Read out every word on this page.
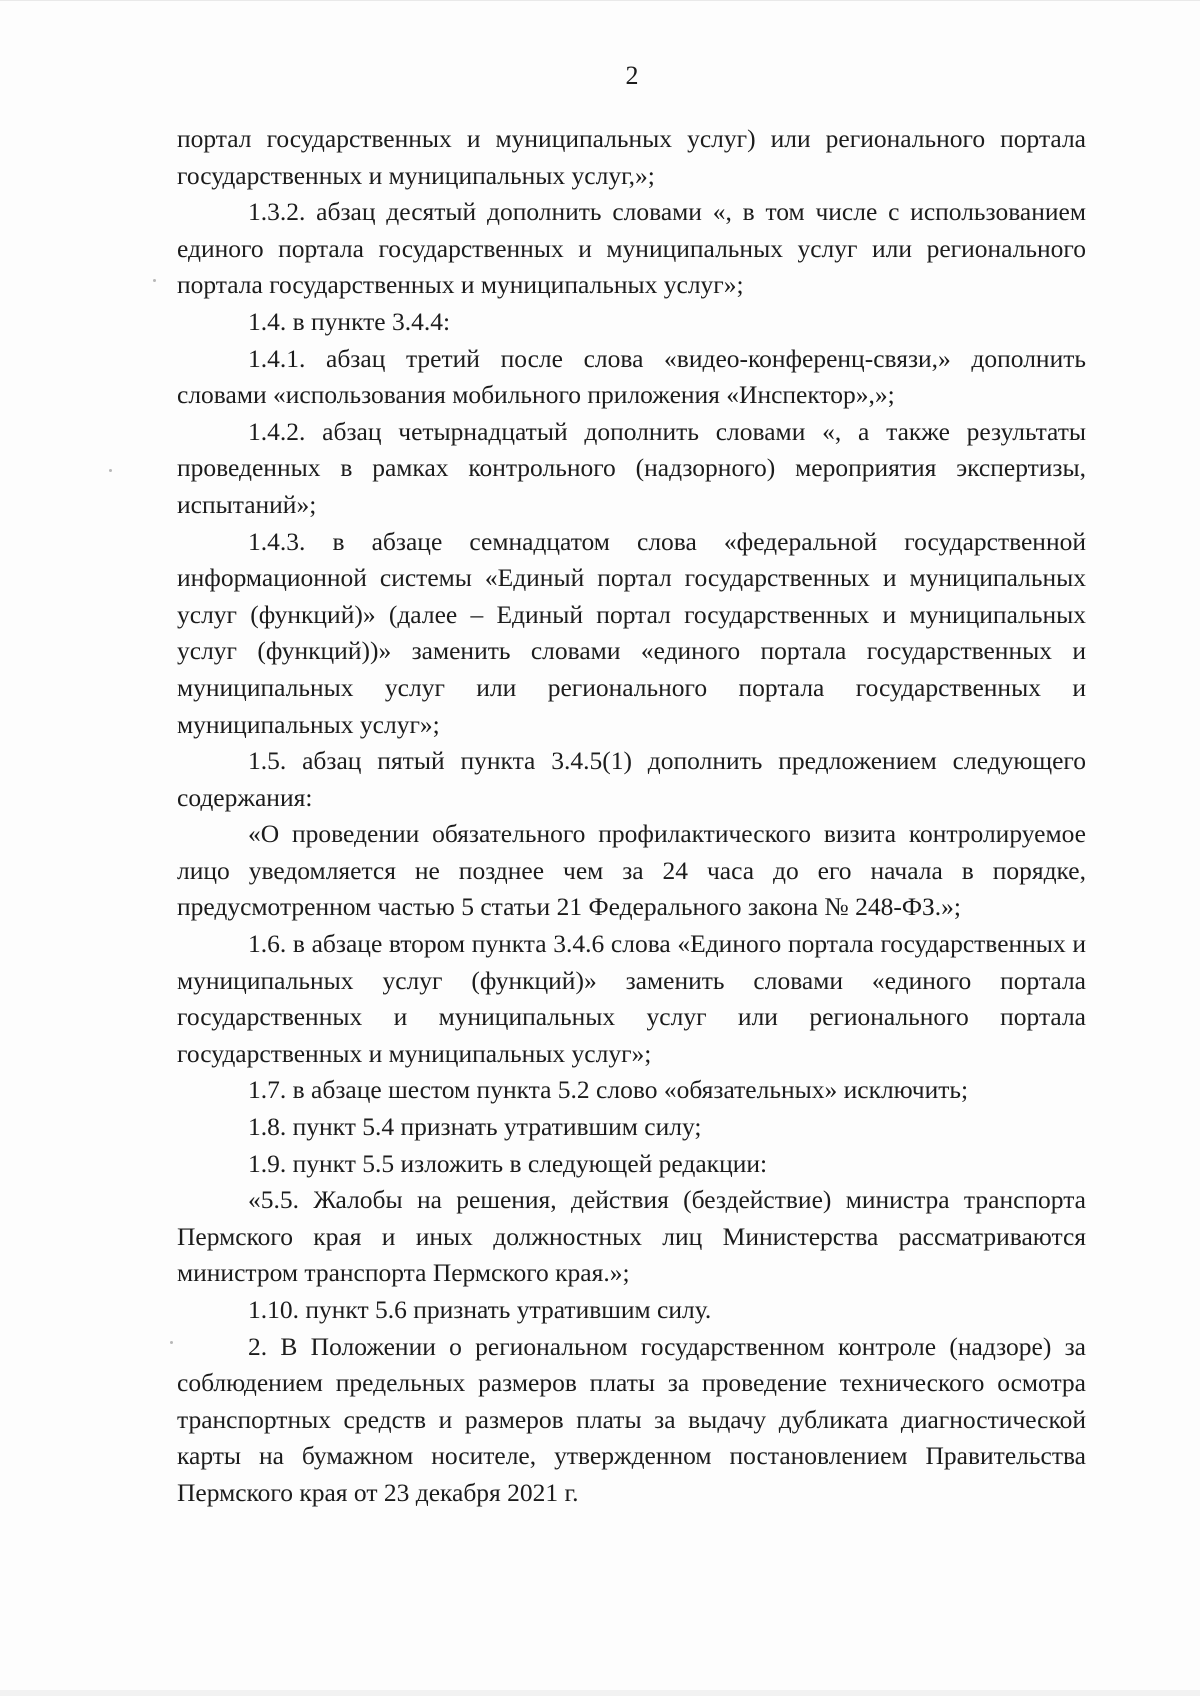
2

портал государственных и муниципальных услуг) или регионального портала государственных и муниципальных услуг,»;

1.3.2. абзац десятый дополнить словами «, в том числе с использованием единого портала государственных и муниципальных услуг или регионального портала государственных и муниципальных услуг»;

1.4. в пункте 3.4.4:

1.4.1. абзац третий после слова «видео-конференц-связи,» дополнить словами «использования мобильного приложения «Инспектор»,»;

1.4.2. абзац четырнадцатый дополнить словами «, а также результаты проведенных в рамках контрольного (надзорного) мероприятия экспертизы, испытаний»;

1.4.3. в абзаце семнадцатом слова «федеральной государственной информационной системы «Единый портал государственных и муниципальных услуг (функций)» (далее – Единый портал государственных и муниципальных услуг (функций))» заменить словами «единого портала государственных и муниципальных услуг или регионального портала государственных и муниципальных услуг»;

1.5. абзац пятый пункта 3.4.5(1) дополнить предложением следующего содержания:

«О проведении обязательного профилактического визита контролируемое лицо уведомляется не позднее чем за 24 часа до его начала в порядке, предусмотренном частью 5 статьи 21 Федерального закона № 248-ФЗ.»;

1.6. в абзаце втором пункта 3.4.6 слова «Единого портала государственных и муниципальных услуг (функций)» заменить словами «единого портала государственных и муниципальных услуг или регионального портала государственных и муниципальных услуг»;

1.7. в абзаце шестом пункта 5.2 слово «обязательных» исключить;

1.8. пункт 5.4 признать утратившим силу;

1.9. пункт 5.5 изложить в следующей редакции:

«5.5. Жалобы на решения, действия (бездействие) министра транспорта Пермского края и иных должностных лиц Министерства рассматриваются министром транспорта Пермского края.»;

1.10. пункт 5.6 признать утратившим силу.

2. В Положении о региональном государственном контроле (надзоре) за соблюдением предельных размеров платы за проведение технического осмотра транспортных средств и размеров платы за выдачу дубликата диагностической карты на бумажном носителе, утвержденном постановлением Правительства Пермского края от 23 декабря 2021 г.
